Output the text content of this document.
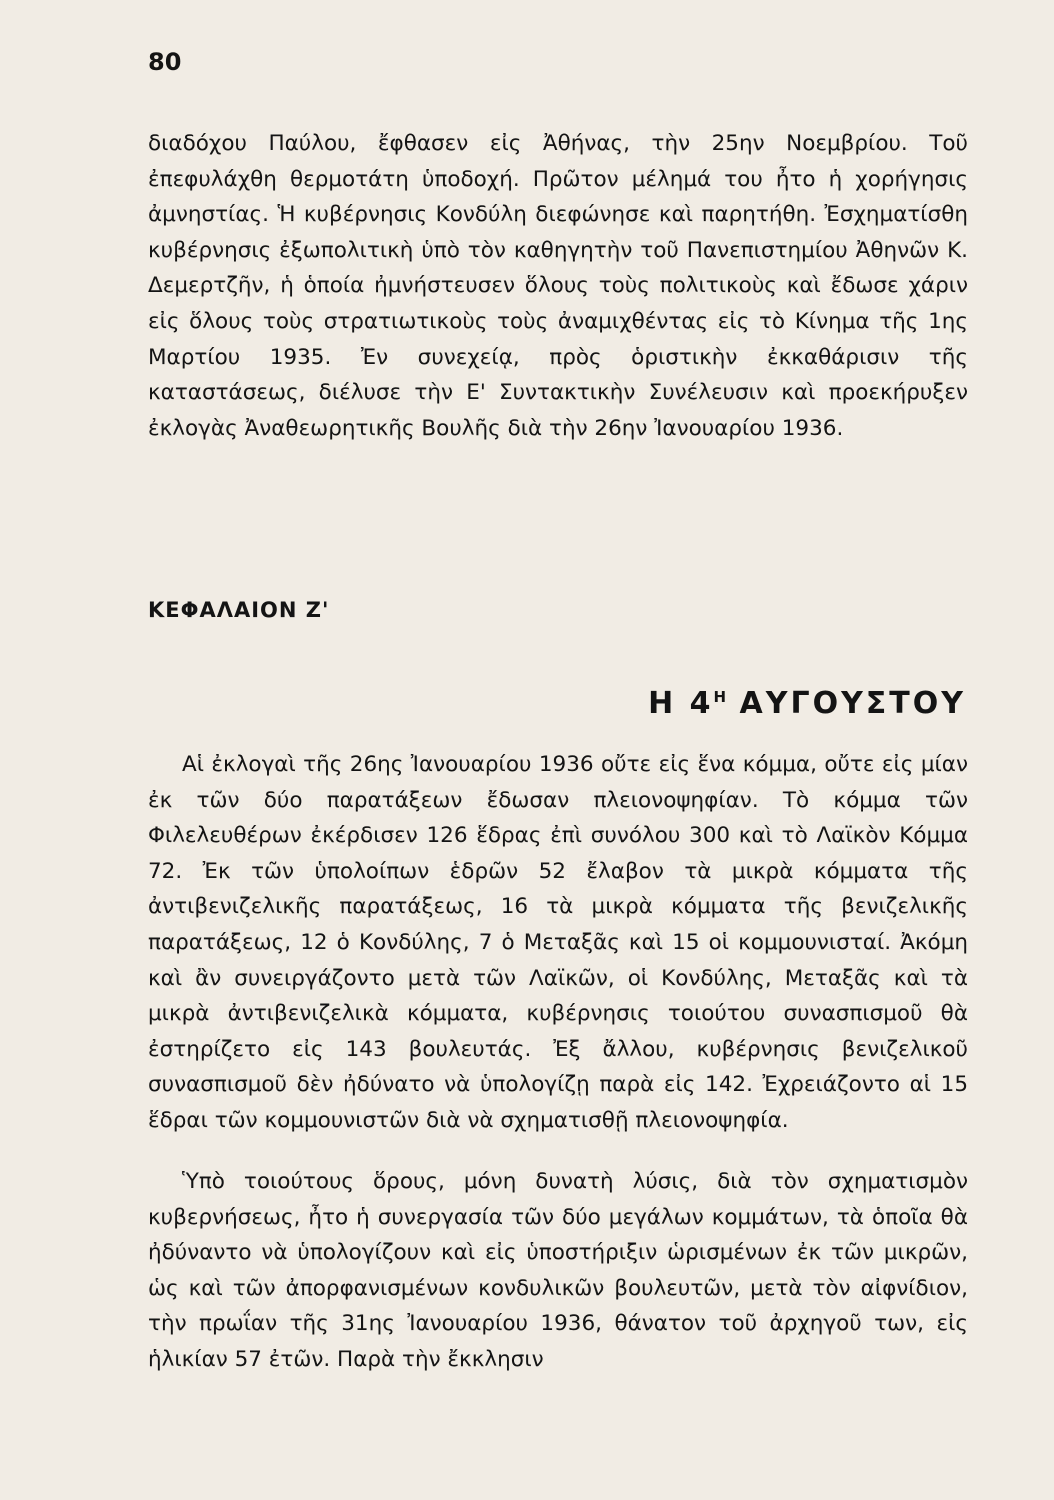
80

διαδόχου Παύλου, ἔφθασεν εἰς Ἀθήνας, τὴν 25ην Νοεμβρίου. Τοῦ ἐπεφυλάχθη θερμοτάτη ὑποδοχή. Πρῶτον μέλημά του ἦτο ἡ χορήγησις ἀμνηστίας. Ἡ κυβέρνησις Κονδύλη διεφώνησε καὶ παρητήθη. Ἐσχηματίσθη κυβέρνησις ἐξωπολιτικὴ ὑπὸ τὸν καθηγητὴν τοῦ Πανεπιστημίου Ἀθηνῶν Κ. Δεμερτζῆν, ἡ ὁποία ἠμνήστευσεν ὅλους τοὺς πολιτικοὺς καὶ ἔδωσε χάριν εἰς ὅλους τοὺς στρατιωτικοὺς τοὺς ἀναμιχθέντας εἰς τὸ Κίνημα τῆς 1ης Μαρτίου 1935. Ἐν συνεχείᾳ, πρὸς ὁριστικὴν ἐκκαθάρισιν τῆς καταστάσεως, διέλυσε τὴν Ε' Συντακτικὴν Συνέλευσιν καὶ προεκήρυξεν ἐκλογὰς Ἀναθεωρητικῆς Βουλῆς διὰ τὴν 26ην Ἰανουαρίου 1936.

ΚΕΦΑΛΑΙΟΝ Ζ'
Η $4^H$ ΑΥΓΟΥΣΤΟΥ

Αἱ ἐκλογαὶ τῆς 26ης Ἰανουαρίου 1936 οὔτε εἰς ἕνα κόμμα, οὔτε εἰς μίαν ἐκ τῶν δύο παρατάξεων ἔδωσαν πλειονοψηφίαν. Τὸ κόμμα τῶν Φιλελευθέρων ἐκέρδισεν 126 ἕδρας ἐπὶ συνόλου 300 καὶ τὸ Λαϊκὸν Κόμμα 72. Ἐκ τῶν ὑπολοίπων ἑδρῶν 52 ἔλαβον τὰ μικρὰ κόμματα τῆς ἀντιβενιζελικῆς παρατάξεως, 16 τὰ μικρὰ κόμματα τῆς βενιζελικῆς παρατάξεως, 12 ὁ Κονδύλης, 7 ὁ Μεταξᾶς καὶ 15 οἱ κομμουνισταί. Ἀκόμη καὶ ἂν συνειργάζοντο μετὰ τῶν Λαϊκῶν, οἱ Κονδύλης, Μεταξᾶς καὶ τὰ μικρὰ ἀντιβενιζελικὰ κόμματα, κυβέρνησις τοιούτου συνασπισμοῦ θὰ ἐστηρίζετο εἰς 143 βουλευτάς. Ἐξ ἄλλου, κυβέρνησις βενιζελικοῦ συνασπισμοῦ δὲν ἠδύνατο νὰ ὑπολογίζῃ παρὰ εἰς 142. Ἐχρειάζοντο αἱ 15 ἕδραι τῶν κομμουνιστῶν διὰ νὰ σχηματισθῇ πλειονοψηφία.

Ὑπὸ τοιούτους ὅρους, μόνη δυνατὴ λύσις, διὰ τὸν σχηματισμὸν κυβερνήσεως, ἦτο ἡ συνεργασία τῶν δύο μεγάλων κομμάτων, τὰ ὁποῖα θὰ ἠδύναντο νὰ ὑπολογίζουν καὶ εἰς ὑποστήριξιν ὡρισμένων ἐκ τῶν μικρῶν, ὡς καὶ τῶν ἀπορφανισμένων κονδυλικῶν βουλευτῶν, μετὰ τὸν αἰφνίδιον, τὴν πρωΐαν τῆς 31ης Ἰανουαρίου 1936, θάνατον τοῦ ἀρχηγοῦ των, εἰς ἡλικίαν 57 ἐτῶν. Παρὰ τὴν ἔκκλησιν
